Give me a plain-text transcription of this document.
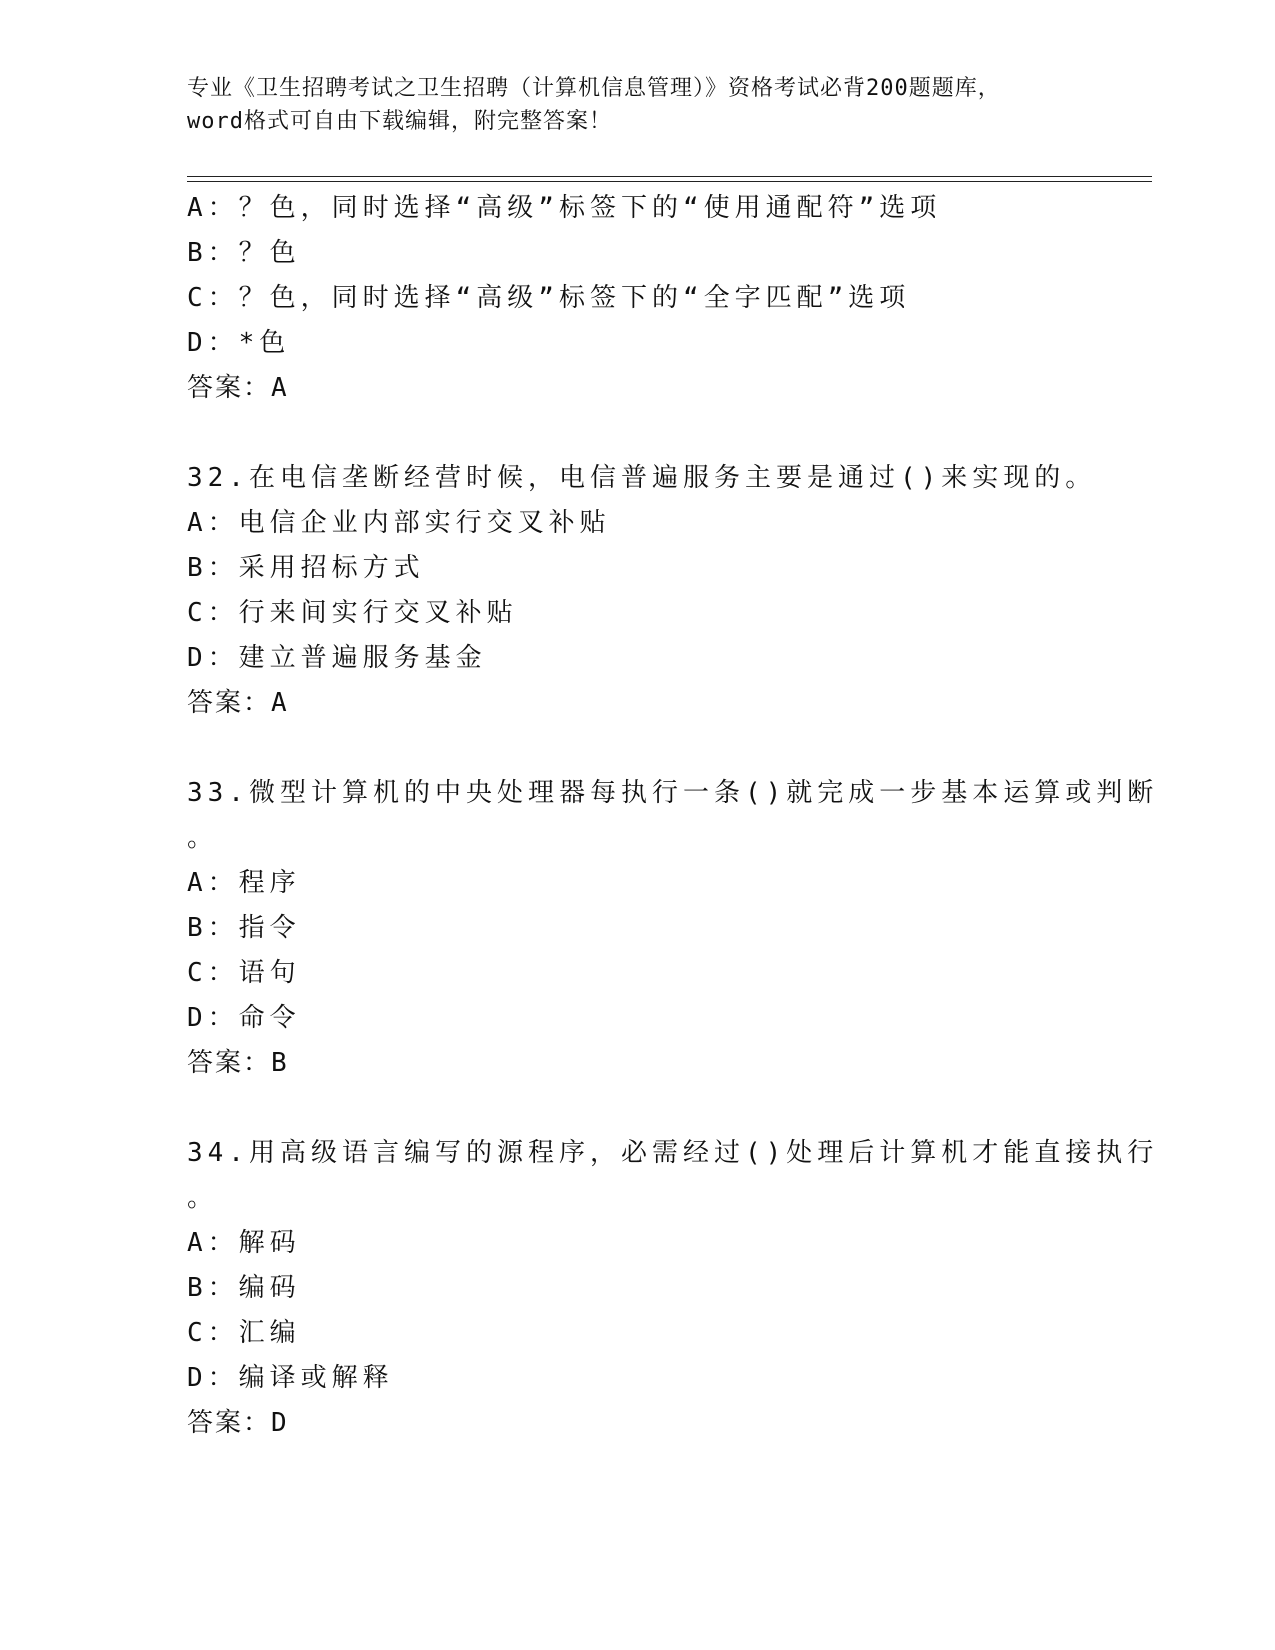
专业《卫生招聘考试之卫生招聘（计算机信息管理）》资格考试必背200题题库，
word格式可自由下载编辑，附完整答案！
A：？色，同时选择“高级”标签下的“使用通配符”选项
B：？色
C：？色，同时选择“高级”标签下的“全字匹配”选项
D：*色
答案：A
32.在电信垄断经营时候，电信普遍服务主要是通过()来实现的。
A：电信企业内部实行交叉补贴
B：采用招标方式
C：行来间实行交叉补贴
D：建立普遍服务基金
答案：A
33.微型计算机的中央处理器每执行一条()就完成一步基本运算或判断
。
A：程序
B：指令
C：语句
D：命令
答案：B
34.用高级语言编写的源程序，必需经过()处理后计算机才能直接执行
。
A：解码
B：编码
C：汇编
D：编译或解释
答案：D
